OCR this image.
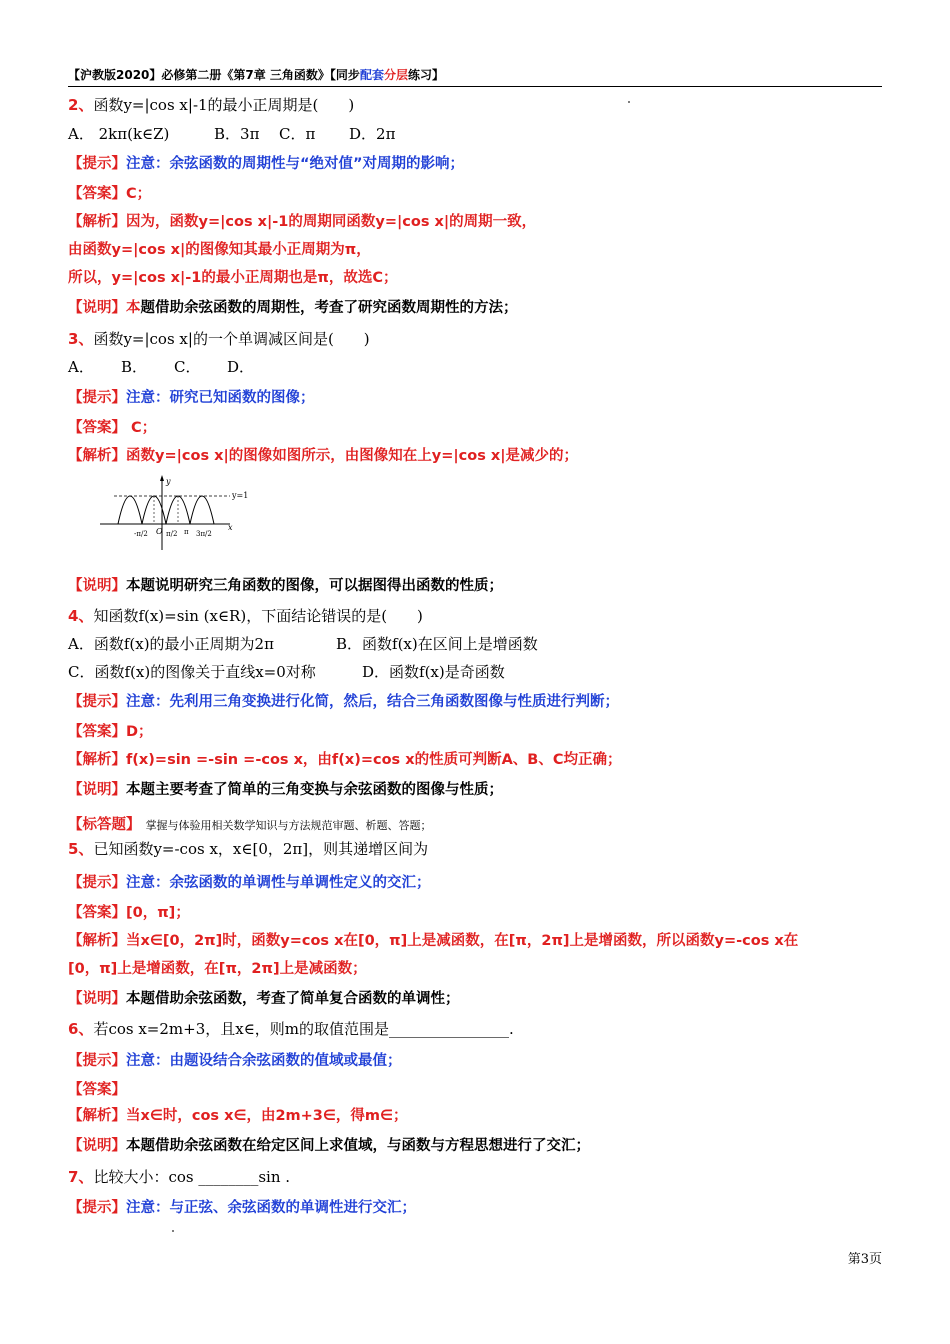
【沪教版2020】必修第二册《第7章 三角函数》【同步配套分层练习】
2、函数y=|cos x|-1的最小正周期是(　　)
A． 2kπ(k∈Z)	B．3π C．π D．2π
【提示】注意：余弦函数的周期性与“绝对值”对周期的影响；
【答案】C；
【解析】因为，函数y=|cos x|-1的周期同函数y=|cos x|的周期一致，
由函数y=|cos x|的图像知其最小正周期为π，
所以，y=|cos x|-1的最小正周期也是π，故选C；
【说明】本题借助余弦函数的周期性，考查了研究函数周期性的方法；
3、函数y=|cos x|的一个单调减区间是(　　)
A． B． C． D．
【提示】注意：研究已知函数的图像；
【答案】 C；
【解析】函数y=|cos x|的图像如图所示，由图像知在上y=|cos x|是减少的；
y
x
y=1
O
-π/2	π/2 π 3π/2
【说明】本题说明研究三角函数的图像，可以据图得出函数的性质；
4、知函数f(x)=sin (x∈R)，下面结论错误的是(　　)
A．函数f(x)的最小正周期为2π	B．函数f(x)在区间上是增函数
C．函数f(x)的图像关于直线x=0对称	D．函数f(x)是奇函数
【提示】注意：先利用三角变换进行化简，然后，结合三角函数图像与性质进行判断；
【答案】D；
【解析】f(x)=sin =-sin =-cos x，由f(x)=cos x的性质可判断A、B、C均正确；
【说明】本题主要考查了简单的三角变换与余弦函数的图像与性质；
【标答题】 掌握与体验用相关数学知识与方法规范审题、析题、答题；
5、已知函数y=-cos x，x∈[0，2π]，则其递增区间为
【提示】注意：余弦函数的单调性与单调性定义的交汇；
【答案】[0，π]；
【解析】当x∈[0，2π]时，函数y=cos x在[0，π]上是减函数，在[π，2π]上是增函数，所以函数y=-cos x在
[0，π]上是增函数，在[π，2π]上是减函数；
【说明】本题借助余弦函数，考查了简单复合函数的单调性；
6、若cos x=2m+3，且x∈，则m的取值范围是________________.
【提示】注意：由题设结合余弦函数的值域或最值；
【答案】
【解析】当x∈时，cos x∈，由2m+3∈，得m∈；
【说明】本题借助余弦函数在给定区间上求值域，与函数与方程思想进行了交汇；
7、比较大小：cos ________sin .
【提示】注意：与正弦、余弦函数的单调性进行交汇；
第3页
